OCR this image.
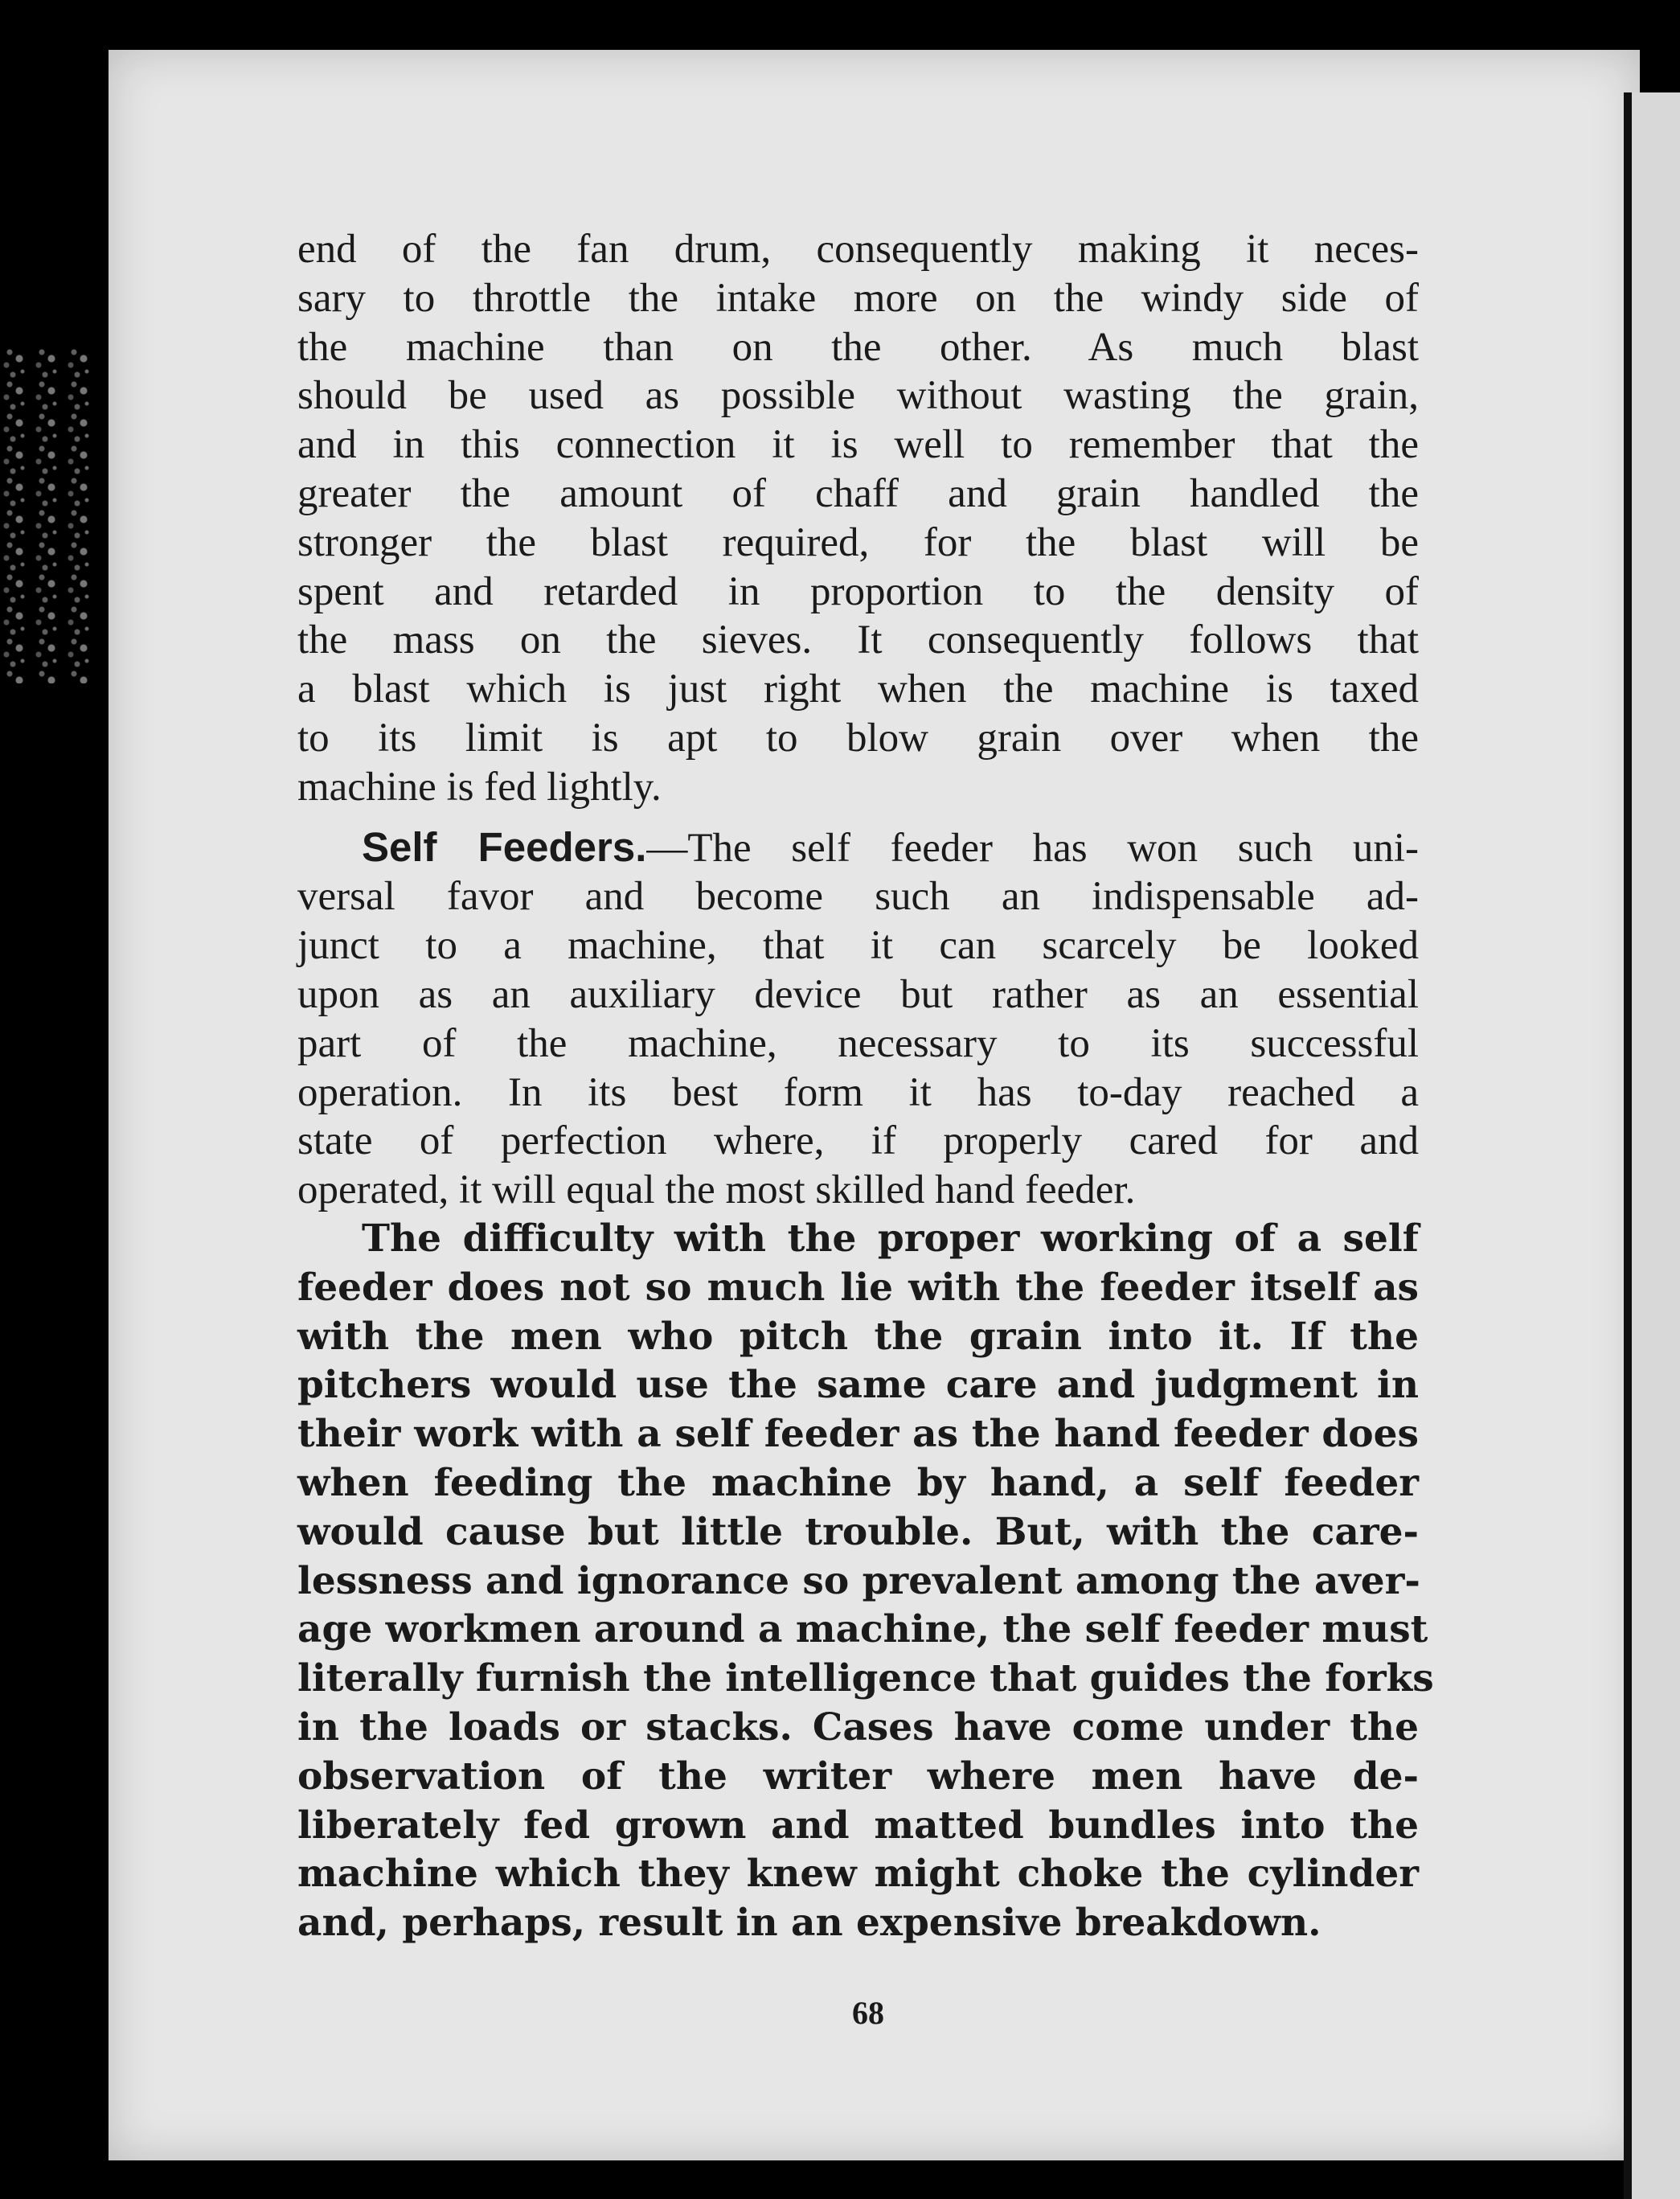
end of the fan drum, consequently making it neces-
sary to throttle the intake more on the windy side of
the machine than on the other. As much blast
should be used as possible without wasting the grain,
and in this connection it is well to remember that the
greater the amount of chaff and grain handled the
stronger the blast required, for the blast will be
spent and retarded in proportion to the density of
the mass on the sieves. It consequently follows that
a blast which is just right when the machine is taxed
to its limit is apt to blow grain over when the
machine is fed lightly.
Self Feeders.—The self feeder has won such uni-
versal favor and become such an indispensable ad-
junct to a machine, that it can scarcely be looked
upon as an auxiliary device but rather as an essential
part of the machine, necessary to its successful
operation. In its best form it has to-day reached a
state of perfection where, if properly cared for and
operated, it will equal the most skilled hand feeder.
The difficulty with the proper working of a self
feeder does not so much lie with the feeder itself as
with the men who pitch the grain into it. If the
pitchers would use the same care and judgment in
their work with a self feeder as the hand feeder does
when feeding the machine by hand, a self feeder
would cause but little trouble. But, with the care-
lessness and ignorance so prevalent among the aver-
age workmen around a machine, the self feeder must
literally furnish the intelligence that guides the forks
in the loads or stacks. Cases have come under the
observation of the writer where men have de-
liberately fed grown and matted bundles into the
machine which they knew might choke the cylinder
and, perhaps, result in an expensive breakdown.
68
